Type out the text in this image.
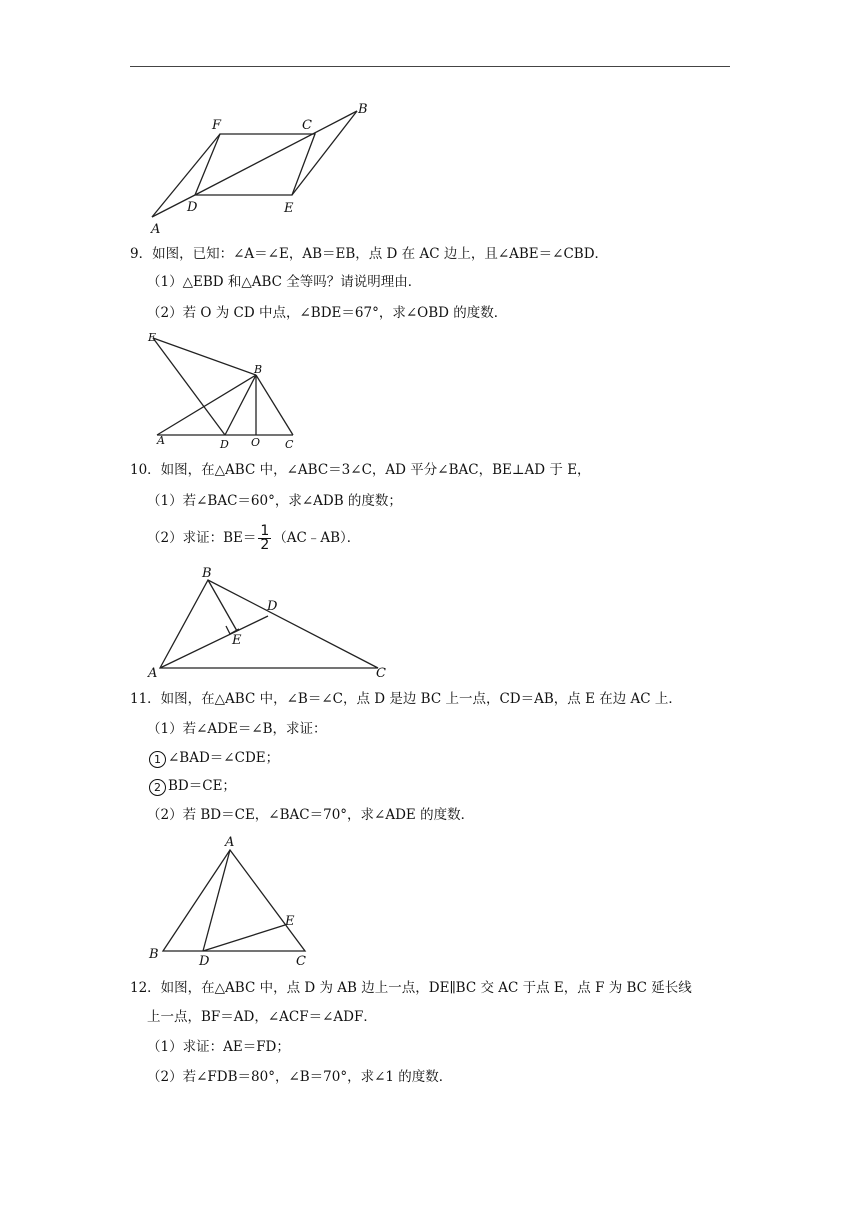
F	C
B
D	E
A
9．如图，已知：∠A＝∠E，AB＝EB，点 D 在 AC 边上，且∠ABE＝∠CBD．
（1）△EBD 和△ABC 全等吗？请说明理由．
（2）若 O 为 CD 中点，∠BDE＝67°，求∠OBD 的度数．
E
B
A	D O C
10．如图，在△ABC 中，∠ABC＝3∠C，AD 平分∠BAC，BE⊥AD 于 E，
（1）若∠BAC＝60°，求∠ADB 的度数；
（2）求证：$BE= \frac{1}{2}$ （AC﹣AB）．
B
D
E
A	C
11．如图，在△ABC 中，∠B＝∠C，点 D 是边 BC 上一点，CD＝AB，点 E 在边 AC 上．
（1）若∠ADE＝∠B，求证：
1 ∠BAD＝∠CDE；
2 BD＝CE；
（2）若 BD＝CE，∠BAC＝70°，求∠ADE 的度数．
A
E
B	D	C
12．如图，在△ABC 中，点 D 为 AB 边上一点，DE∥BC 交 AC 于点 E，点 F 为 BC 延长线
上一点，BF＝AD，∠ACF＝∠ADF．
（1）求证：AE＝FD；
（2）若∠FDB＝80°，∠B＝70°，求∠1 的度数．
